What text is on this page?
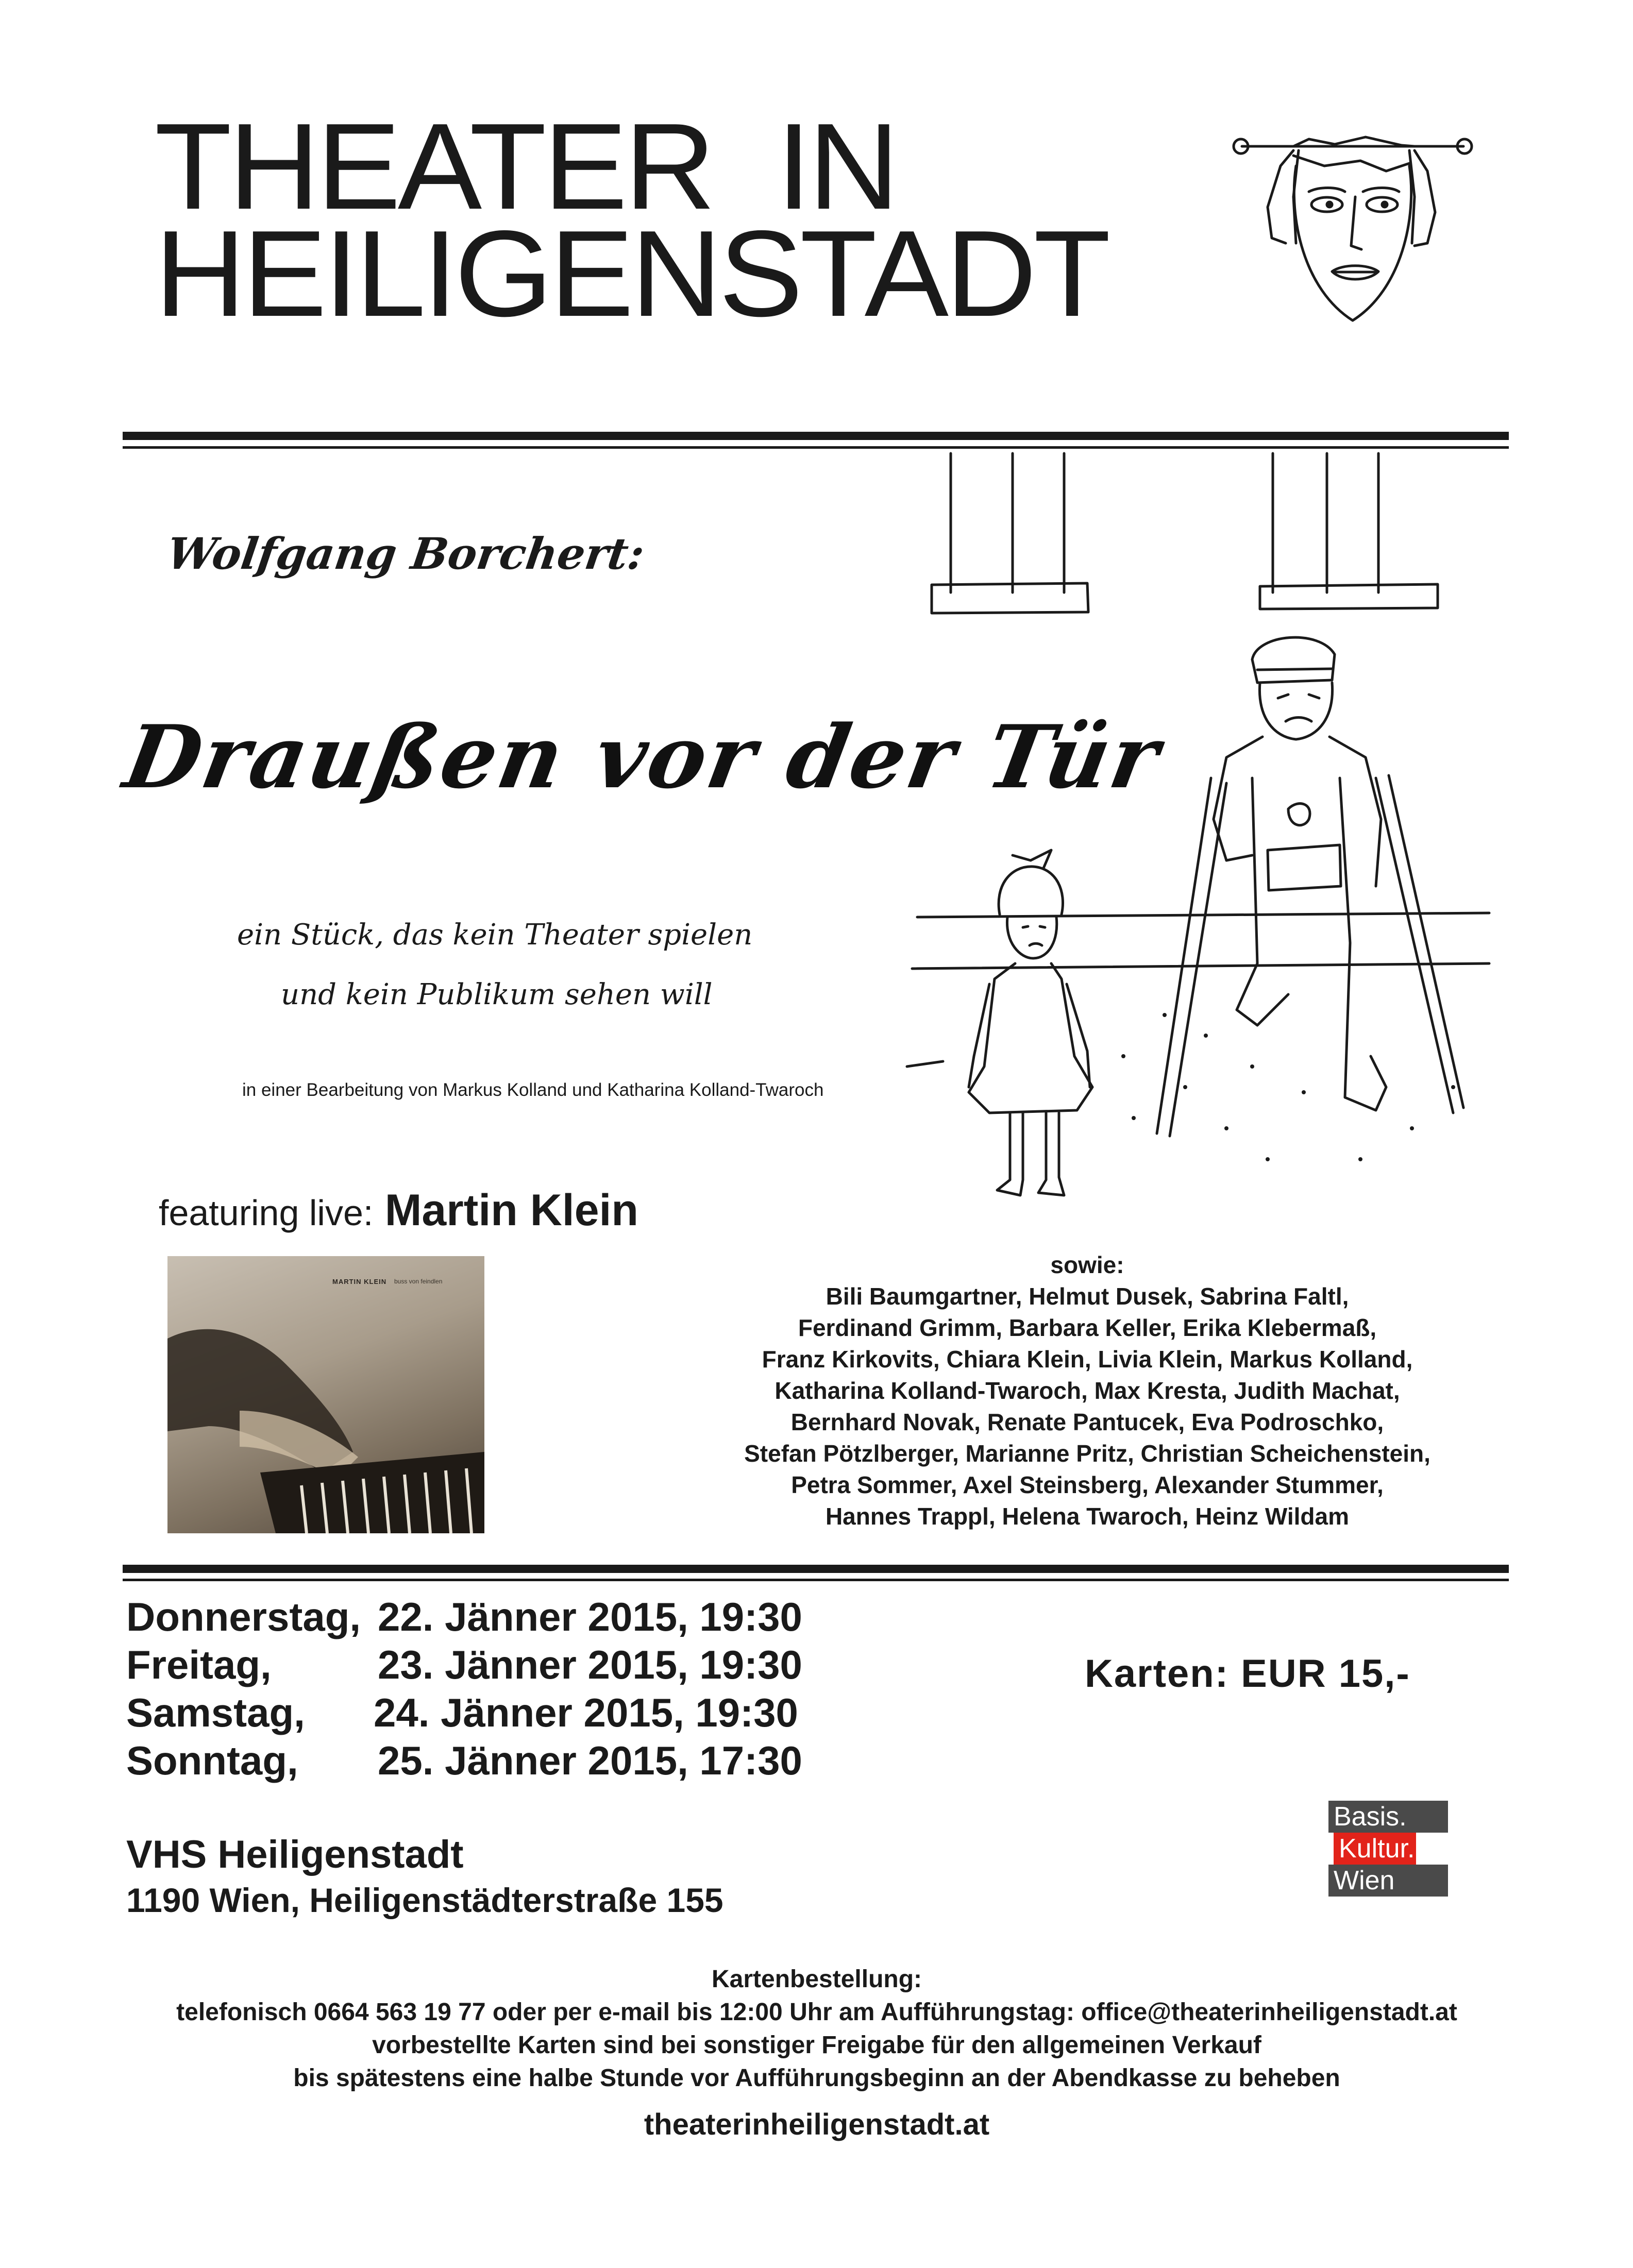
THEATER  IN
HEILIGENSTADT
Wolfgang Borchert:
Draußen vor der Tür
ein Stück, das kein Theater spielen
und kein Publikum sehen will
in einer Bearbeitung von Markus Kolland und Katharina Kolland-Twaroch
featuring live: Martin Klein
MARTIN KLEIN buss von feindlen
sowie:
Bili Baumgartner, Helmut Dusek, Sabrina Faltl,
Ferdinand Grimm, Barbara Keller, Erika Klebermaß,
Franz Kirkovits, Chiara Klein, Livia Klein, Markus Kolland,
Katharina Kolland-Twaroch, Max Kresta, Judith Machat,
Bernhard Novak, Renate Pantucek, Eva Podroschko,
Stefan Pötzlberger, Marianne Pritz, Christian Scheichenstein,
Petra Sommer, Axel Steinsberg, Alexander Stummer,
Hannes Trappl, Helena Twaroch, Heinz Wildam
Donnerstag, 22. Jänner 2015, 19:30
Freitag,	23. Jänner 2015, 19:30
Samstag, 24. Jänner 2015, 19:30
Sonntag, 25. Jänner 2015, 17:30
Karten: EUR 15,-
VHS Heiligenstadt
1190 Wien, Heiligenstädterstraße 155
Basis.
Kultur.
Wien
Kartenbestellung:
telefonisch 0664 563 19 77 oder per e-mail bis 12:00 Uhr am Aufführungstag: office@theaterinheiligenstadt.at
vorbestellte Karten sind bei sonstiger Freigabe für den allgemeinen Verkauf
bis spätestens eine halbe Stunde vor Aufführungsbeginn an der Abendkasse zu beheben
theaterinheiligenstadt.at
